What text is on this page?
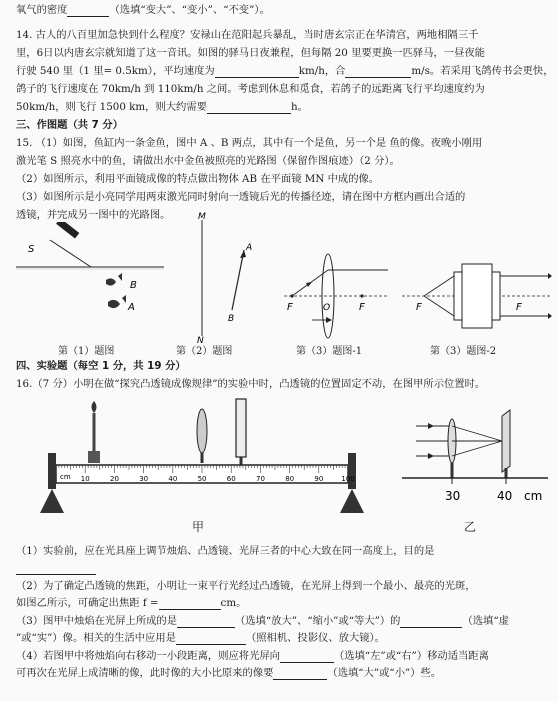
氧气的密度	（选填“变大”、“变小”、“不变”）。
14. 古人的八百里加急快到什么程度？安禄山在范阳起兵暴乱，当时唐玄宗正在华清宫，两地相隔三千
里，6日以内唐玄宗就知道了这一音讯。如图的驿马日夜兼程，但每隔 20 里要更换一匹驿马，一昼夜能
行驶 540 里（1 里= 0.5km），平均速度为	km/h，合	m/s。若采用飞鸽传书会更快，
鸽子的飞行速度在 70km/h 到 110km/h 之间。考虑到休息和觅食，若鸽子的远距离飞行平均速度约为
50km/h，则飞行 1500 km，则大约需要	h。
三、作图题（共 7 分）
15. （1）如图，鱼缸内一条金鱼，图中 A 、B 两点，其中有一个是鱼，另一个是 鱼的像。夜晚小刚用
激光笔 S 照亮水中的鱼，请做出水中金鱼被照亮的光路图（保留作图痕迹）（2 分）。
（2）如图所示，利用平面镜成像的特点做出物体 AB 在平面镜 MN 中成的像。
（3）如图所示是小亮同学用两束激光同时射向一透镜后光的传播径迹，请在图中方框内画出合适的
透镜，并完成另一图中的光路图。
S
B
A
M
N
A
B
F	O	F	F	F
第（1）题图	第（2）题图	第（3）题图-1	第（3）题图-2
四、实验题（每空 1 分，共 19 分）
16.（7 分）小明在做“探究凸透镜成像规律”的实验中时，凸透镜的位置固定不动，在图甲所示位置时。
10	20	30	40	50	60	70	80	90	100
cm
甲
30	40 cm
乙
（1）实验前，应在光具座上调节烛焰、凸透镜、光屏三者的中心大致在同一高度上，目的是
（2）为了确定凸透镜的焦距，小明让一束平行光经过凸透镜，在光屏上得到一个最小、最亮的光斑，
如图乙所示，可确定出焦距 f =	cm。
（3）图甲中烛焰在光屏上所成的是	（选填“放大”、“缩小”或“等大”）的	（选填“虚
”或“实”）像。相关的生活中应用是	（照相机、投影仪、放大镜）。
（4）若图甲中将烛焰向右移动一小段距离，则应将光屏向	（选填“左”或“右”）移动适当距离
可再次在光屏上成清晰的像，此时像的大小比原来的像要	（选填“大”或“小”）些。
